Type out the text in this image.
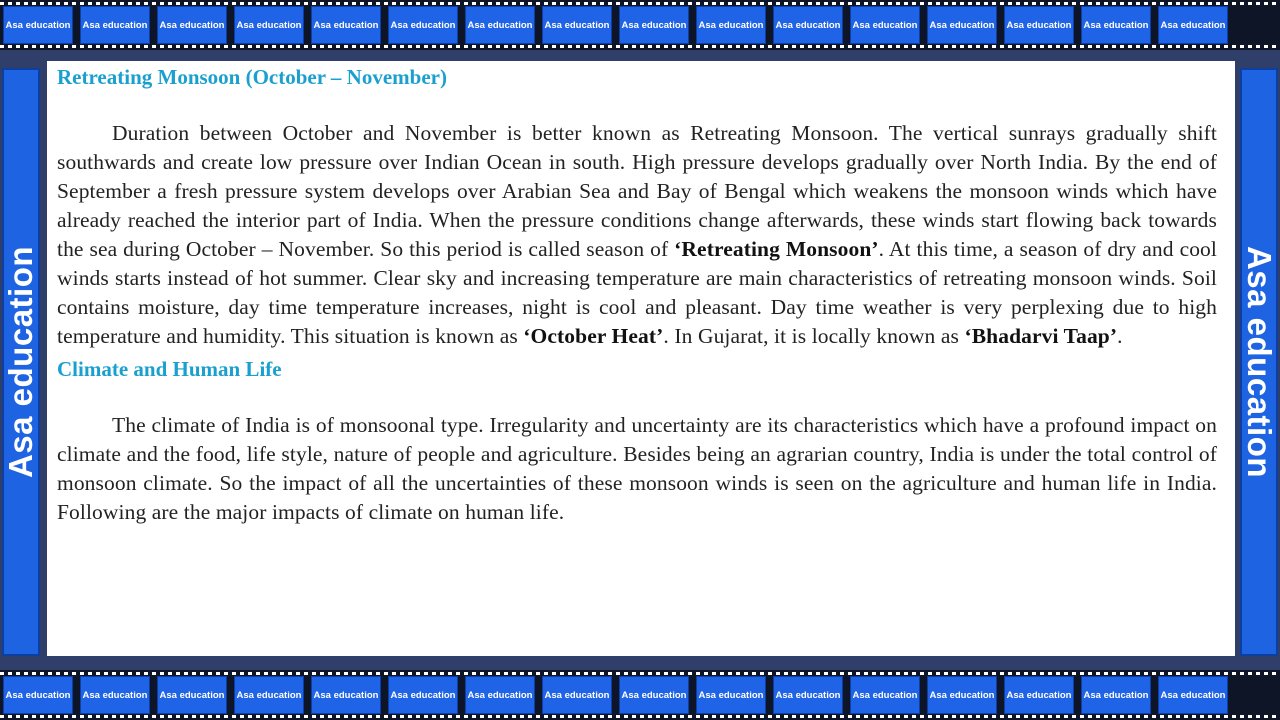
Asa education Asa education Asa education Asa education Asa education Asa education Asa education Asa education Asa education Asa education Asa education Asa education Asa education Asa education Asa education Asa education
Asa education	Asa education
Retreating Monsoon (October – November)

Duration between October and November is better known as Retreating Monsoon. The vertical sunrays gradually shift southwards and create low pressure over Indian Ocean in south. High pressure develops gradually over North India. By the end of September a fresh pressure system develops over Arabian Sea and Bay of Bengal which weakens the monsoon winds which have already reached the interior part of India. When the pressure conditions change afterwards, these winds start flowing back towards the sea during October – November. So this period is called season of ‘Retreating Monsoon’. At this time, a season of dry and cool winds starts instead of hot summer. Clear sky and increasing temperature are main characteristics of retreating monsoon winds. Soil contains moisture, day time temperature increases, night is cool and pleasant. Day time weather is very perplexing due to high temperature and humidity. This situation is known as ‘October Heat’. In Gujarat, it is locally known as ‘Bhadarvi Taap’.

Climate and Human Life

The climate of India is of monsoonal type. Irregularity and uncertainty are its characteristics which have a profound impact on climate and the food, life style, nature of people and agriculture. Besides being an agrarian country, India is under the total control of monsoon climate. So the impact of all the uncertainties of these monsoon winds is seen on the agriculture and human life in India. Following are the major impacts of climate on human life.

Asa education Asa education Asa education Asa education Asa education Asa education Asa education Asa education Asa education Asa education Asa education Asa education Asa education Asa education Asa education Asa education
